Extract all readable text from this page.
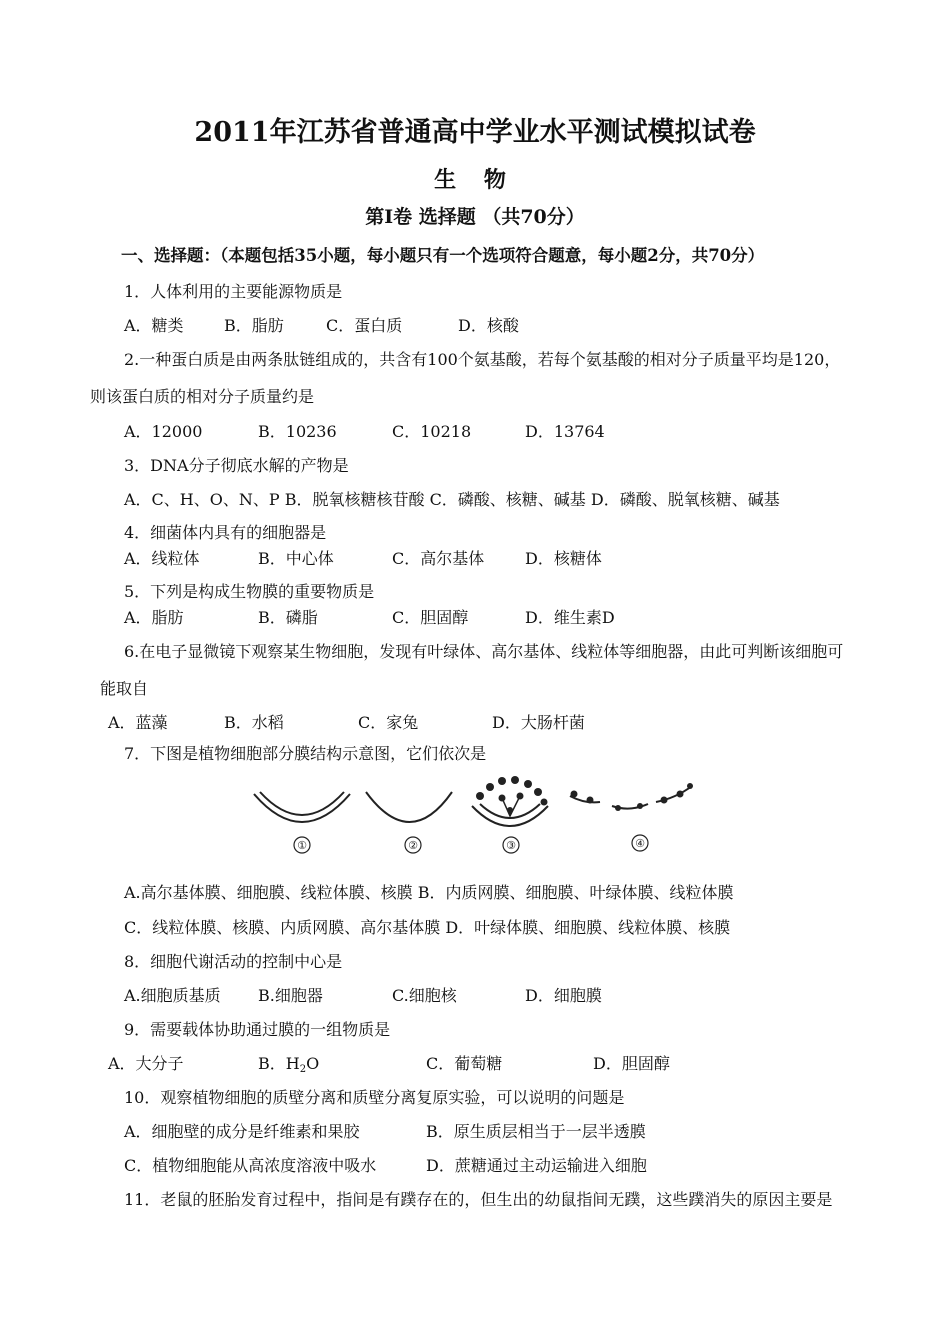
2011年江苏省普通高中学业水平测试模拟试卷
生 物
第Ⅰ卷 选择题 （共70分）
一、选择题：（本题包括35小题，每小题只有一个选项符合题意，每小题2分，共70分）
1．人体利用的主要能源物质是
A．糖类	B．脂肪	C．蛋白质	D．核酸
2.一种蛋白质是由两条肽链组成的，共含有100个氨基酸，若每个氨基酸的相对分子质量平均是120，
则该蛋白质的相对分子质量约是
A．12000	B．10236	C．10218	D．13764
3．DNA分子彻底水解的产物是
A．C、H、O、N、P B．脱氧核糖核苷酸 C．磷酸、核糖、碱基 D．磷酸、脱氧核糖、碱基
4．细菌体内具有的细胞器是
A．线粒体	B．中心体	C．高尔基体	D．核糖体
5．下列是构成生物膜的重要物质是
A．脂肪	B．磷脂	C．胆固醇	D．维生素D
6.在电子显微镜下观察某生物细胞，发现有叶绿体、高尔基体、线粒体等细胞器，由此可判断该细胞可
能取自
A．蓝藻	B．水稻	C．家兔	D．大肠杆菌
7．下图是植物细胞部分膜结构示意图，它们依次是
①	②	③	④
A.高尔基体膜、细胞膜、线粒体膜、核膜 B．内质网膜、细胞膜、叶绿体膜、线粒体膜
C．线粒体膜、核膜、内质网膜、高尔基体膜 D．叶绿体膜、细胞膜、线粒体膜、核膜
8．细胞代谢活动的控制中心是
A.细胞质基质 B.细胞器	C.细胞核	D．细胞膜
9．需要载体协助通过膜的一组物质是
A．大分子	B．$H_2O$	C．葡萄糖	D．胆固醇
10．观察植物细胞的质壁分离和质壁分离复原实验，可以说明的问题是
A．细胞壁的成分是纤维素和果胶	B．原生质层相当于一层半透膜
C．植物细胞能从高浓度溶液中吸水	D．蔗糖通过主动运输进入细胞
11．老鼠的胚胎发育过程中，指间是有蹼存在的，但生出的幼鼠指间无蹼，这些蹼消失的原因主要是
